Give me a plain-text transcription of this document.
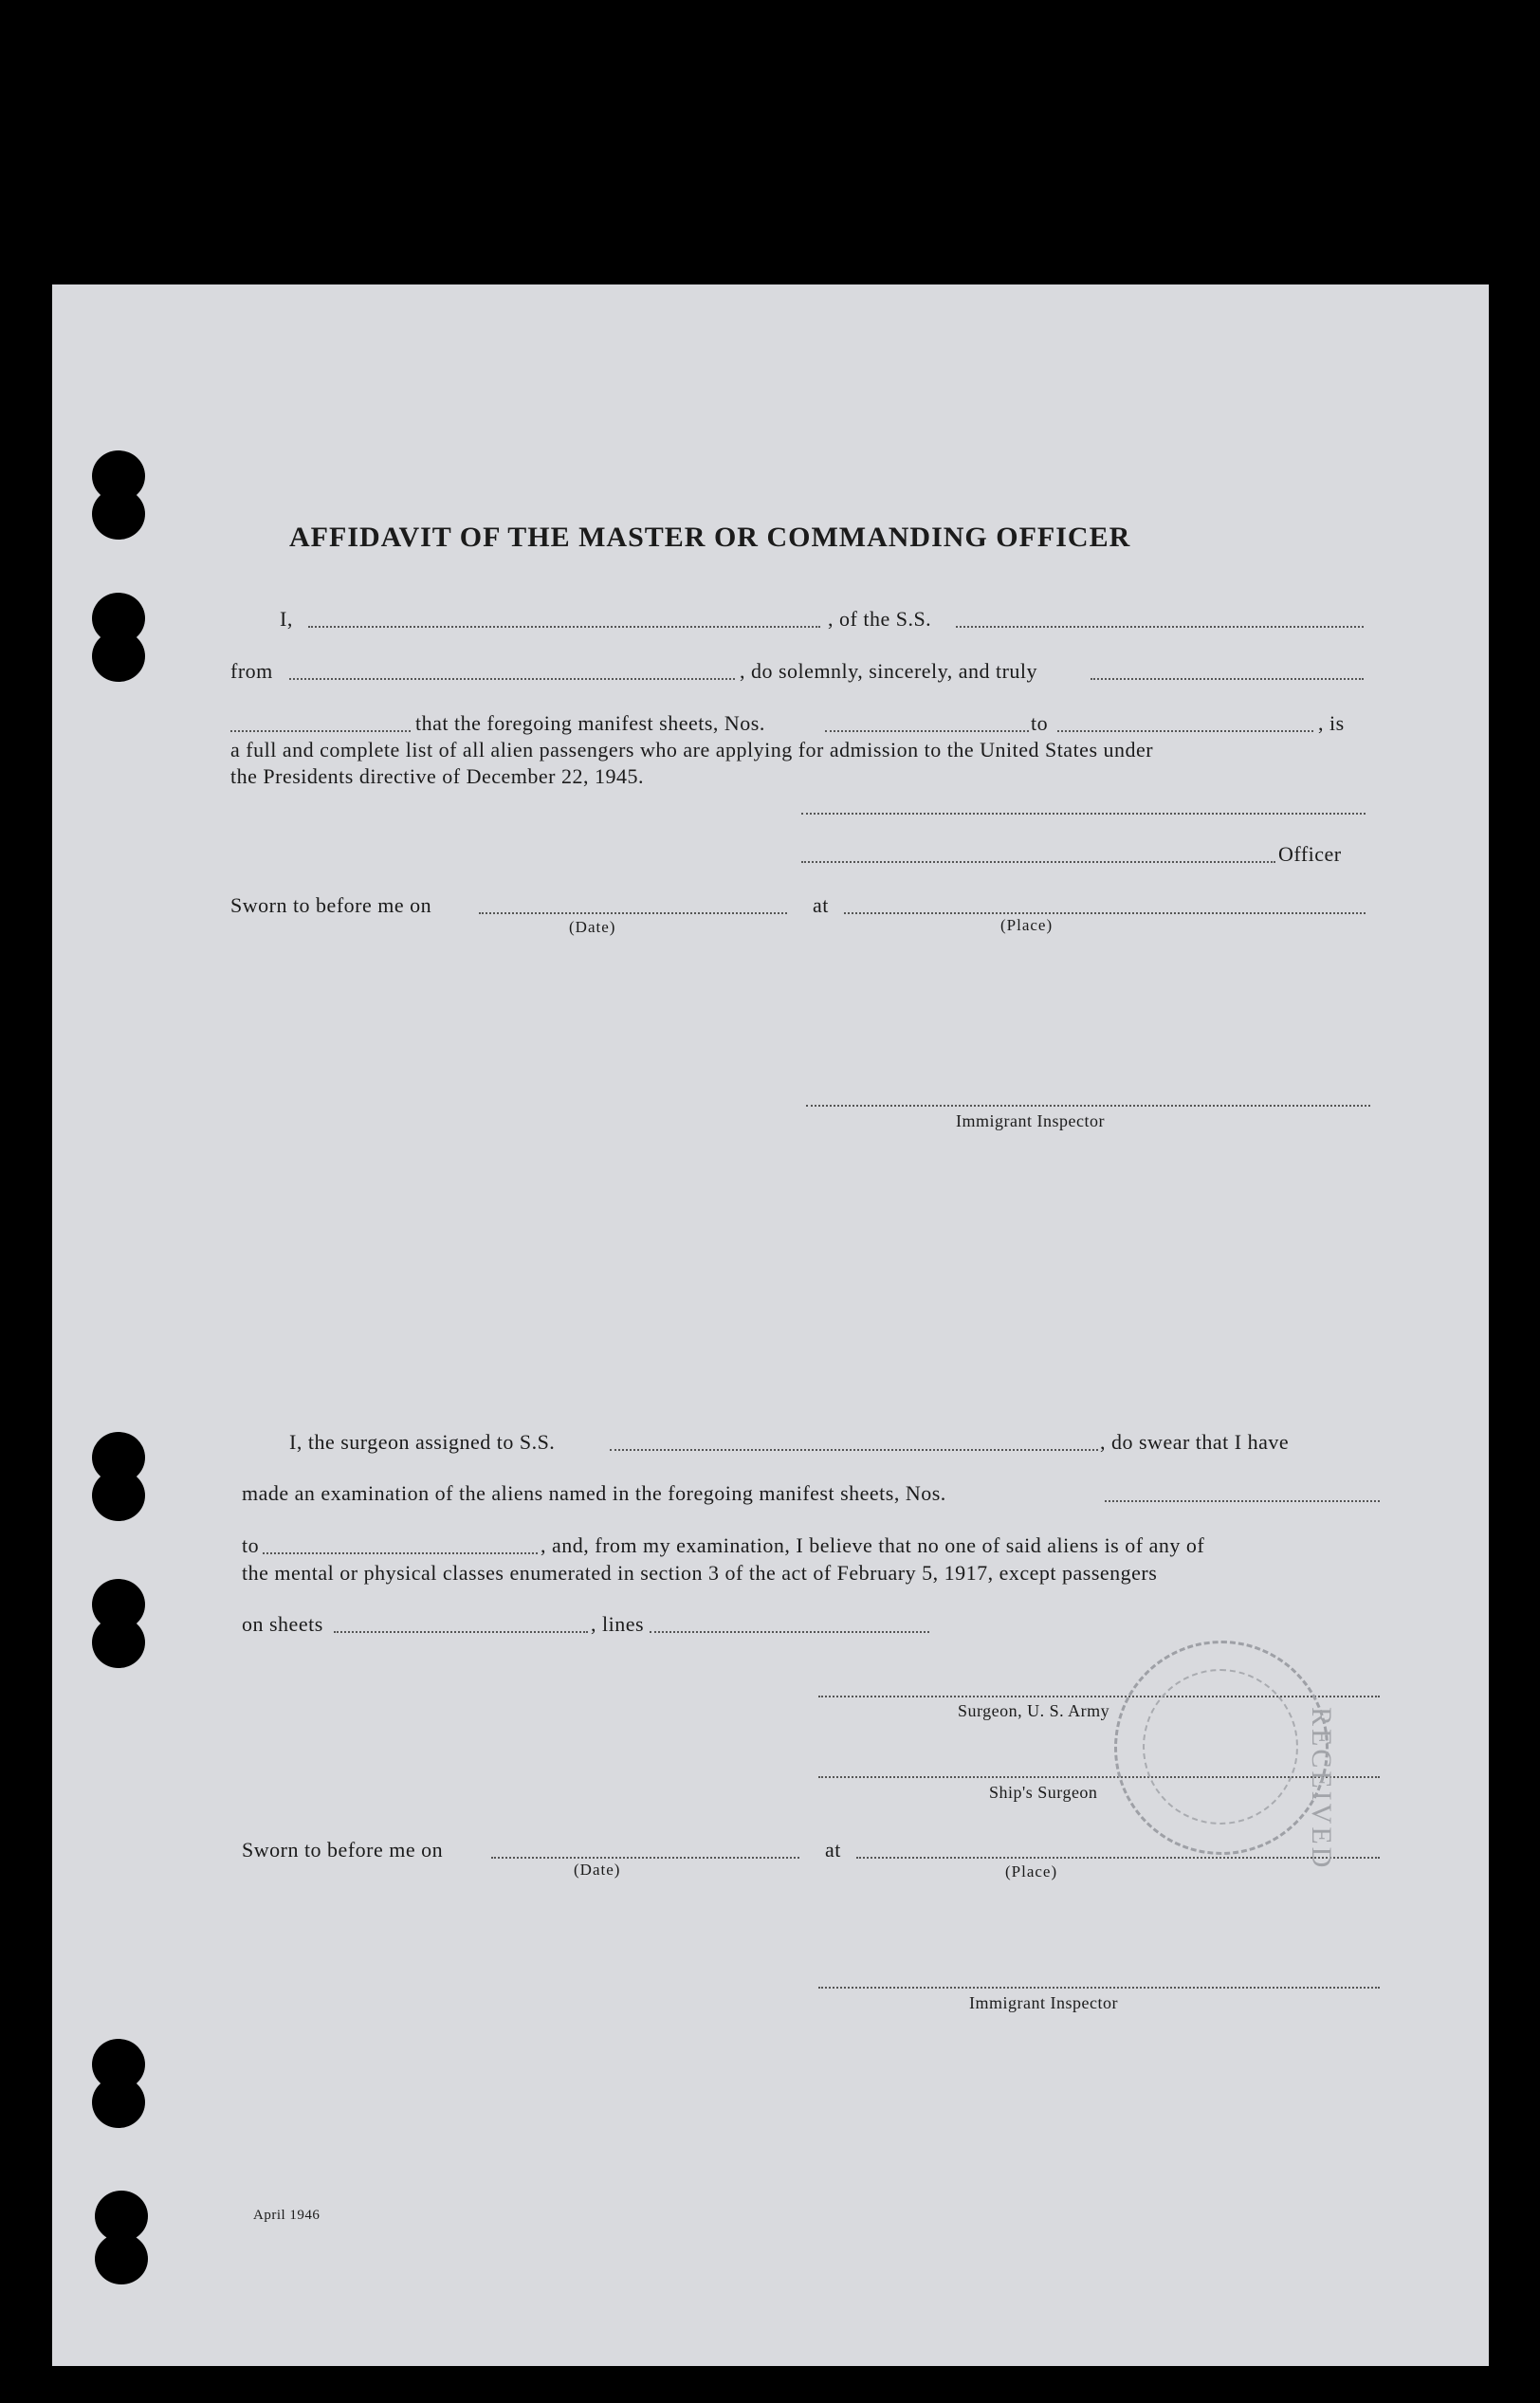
AFFIDAVIT OF THE MASTER OR COMMANDING OFFICER
I,	, of the S.S.
from	, do solemnly, sincerely, and truly
that the foregoing manifest sheets, Nos.	to	, is
a full and complete list of all alien passengers who are applying for admission to the United States under
the Presidents directive of December 22, 1945.
Officer
Sworn to before me on	at
(Date)	(Place)
Immigrant Inspector
I, the surgeon assigned to S.S.	, do swear that I have
made an examination of the aliens named in the foregoing manifest sheets, Nos.
to	, and, from my examination, I believe that no one of said aliens is of any of
the mental or physical classes enumerated in section 3 of the act of February 5, 1917, except passengers
on sheets	, lines
Surgeon, U. S. Army
Ship's Surgeon
Sworn to before me on	at
(Date)	(Place)
Immigrant Inspector
April 1946
RECEIVED
